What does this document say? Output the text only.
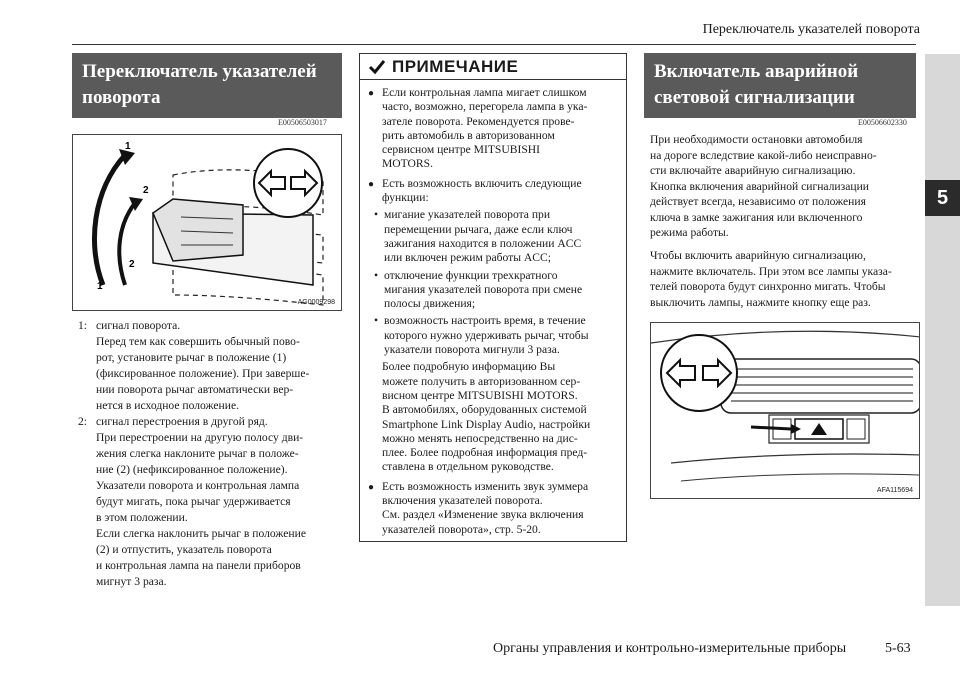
Переключатель указателей поворота
5
Переключатель указателей поворота
E00506503017
1
2
2
1
AG0009298
1: сигнал поворота.
Перед тем как совершить обычный пово-
рот, установите рычаг в положение (1)
(фиксированное положение). При заверше-
нии поворота рычаг автоматически вер-
нется в исходное положение.
2: сигнал перестроения в другой ряд.
При перестроении на другую полосу дви-
жения слегка наклоните рычаг в положе-
ние (2) (нефиксированное положение).
Указатели поворота и контрольная лампа
будут мигать, пока рычаг удерживается
в этом положении.
Если слегка наклонить рычаг в положение
(2) и отпустить, указатель поворота
и контрольная лампа на панели приборов
мигнут 3 раза.
ПРИМЕЧАНИЕ
● Если контрольная лампа мигает слишком
часто, возможно, перегорела лампа в ука-
зателе поворота. Рекомендуется прове-
рить автомобиль в авторизованном
сервисном центре MITSUBISHI
MOTORS.
● Есть возможность включить следующие
функции:
• мигание указателей поворота при
перемещении рычага, даже если ключ
зажигания находится в положении ACC
или включен режим работы ACC;
• отключение функции трехкратного
мигания указателей поворота при смене
полосы движения;
• возможность настроить время, в течение
которого нужно удерживать рычаг, чтобы
указатели поворота мигнули 3 раза.
Более подробную информацию Вы
можете получить в авторизованном сер-
висном центре MITSUBISHI MOTORS.
В автомобилях, оборудованных системой
Smartphone Link Display Audio, настройки
можно менять непосредственно на дис-
плее. Более подробная информация пред-
ставлена в отдельном руководстве.
● Есть возможность изменить звук зуммера
включения указателей поворота.
См. раздел «Изменение звука включения
указателей поворота», стр. 5-20.
Включатель аварийной световой сигнализации
E00506602330
При необходимости остановки автомобиля
на дороге вследствие какой-либо неисправно-
сти включайте аварийную сигнализацию.
Кнопка включения аварийной сигнализации
действует всегда, независимо от положения
ключа в замке зажигания или включенного
режима работы.
Чтобы включить аварийную сигнализацию,
нажмите включатель. При этом все лампы указа-
телей поворота будут синхронно мигать. Чтобы
выключить лампы, нажмите кнопку еще раз.
AFA115694
Органы управления и контрольно-измерительные приборы	5-63
